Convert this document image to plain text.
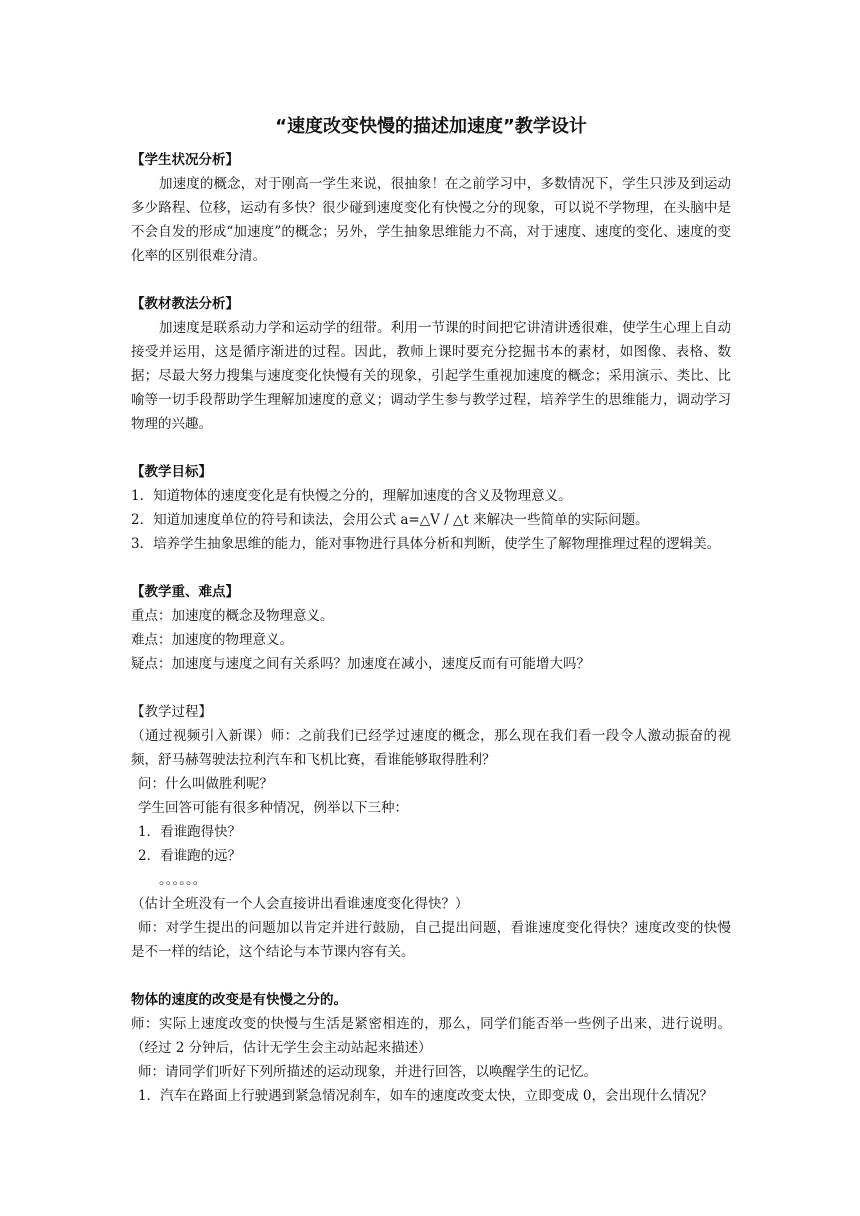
“速度改变快慢的描述加速度”教学设计
【学生状况分析】

加速度的概念，对于刚高一学生来说，很抽象！在之前学习中，多数情况下，学生只涉及到运动多少路程、位移，运动有多快？很少碰到速度变化有快慢之分的现象，可以说不学物理，在头脑中是不会自发的形成“加速度”的概念；另外，学生抽象思维能力不高，对于速度、速度的变化、速度的变化率的区别很难分清。

【教材教法分析】

加速度是联系动力学和运动学的纽带。利用一节课的时间把它讲清讲透很难，使学生心理上自动接受并运用，这是循序渐进的过程。因此，教师上课时要充分挖掘书本的素材，如图像、表格、数据；尽最大努力搜集与速度变化快慢有关的现象，引起学生重视加速度的概念；采用演示、类比、比喻等一切手段帮助学生理解加速度的意义；调动学生参与教学过程，培养学生的思维能力，调动学习物理的兴趣。

【教学目标】

1．知道物体的速度变化是有快慢之分的，理解加速度的含义及物理意义。

2．知道加速度单位的符号和读法，会用公式 a=△V / △t 来解决一些简单的实际问题。

3．培养学生抽象思维的能力，能对事物进行具体分析和判断，使学生了解物理推理过程的逻辑美。

【教学重、难点】

重点：加速度的概念及物理意义。

难点：加速度的物理意义。

疑点：加速度与速度之间有关系吗？加速度在减小，速度反而有可能增大吗？

【教学过程】

（通过视频引入新课）师：之前我们已经学过速度的概念，那么现在我们看一段令人激动振奋的视频，舒马赫驾驶法拉利汽车和飞机比赛，看谁能够取得胜利？

问：什么叫做胜利呢？

学生回答可能有很多种情况，例举以下三种：

1．看谁跑得快？

2．看谁跑的远？

。。。。。。

（估计全班没有一个人会直接讲出看谁速度变化得快？）

师：对学生提出的问题加以肯定并进行鼓励，自己提出问题，看谁速度变化得快？速度改变的快慢是不一样的结论，这个结论与本节课内容有关。

物体的速度的改变是有快慢之分的。

师：实际上速度改变的快慢与生活是紧密相连的，那么，同学们能否举一些例子出来，进行说明。    （经过 2 分钟后，估计无学生会主动站起来描述）

师：请同学们听好下列所描述的运动现象，并进行回答，以唤醒学生的记忆。

1．汽车在路面上行驶遇到紧急情况刹车，如车的速度改变太快，立即变成 0，会出现什么情况？
